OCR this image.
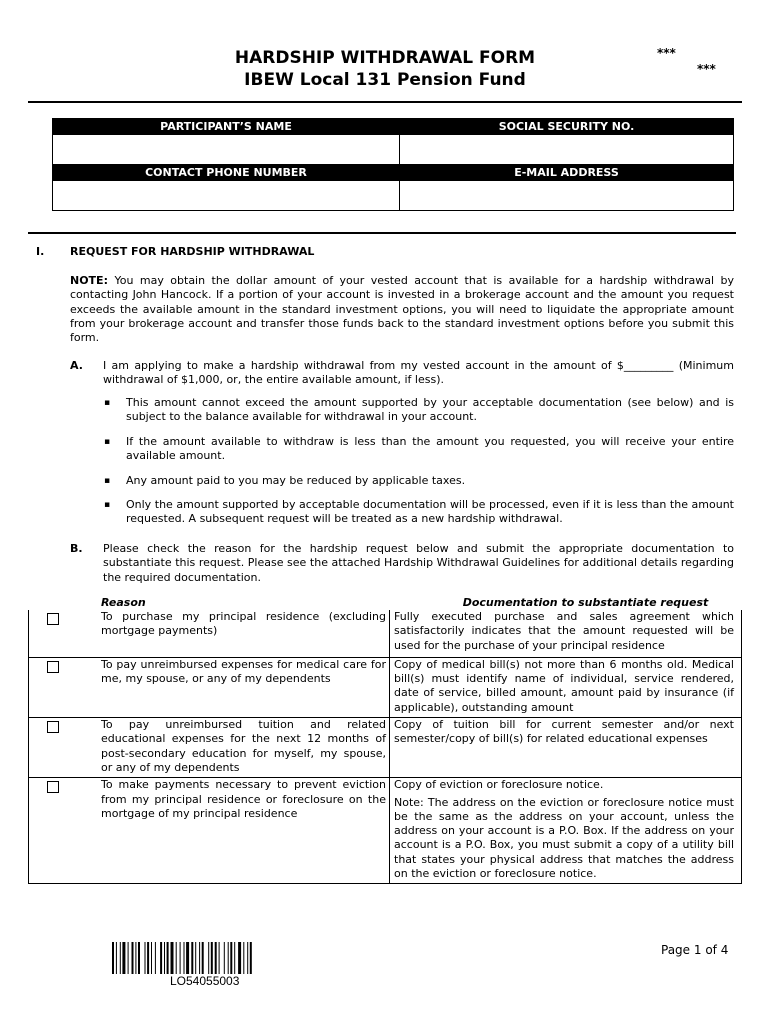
HARDSHIP WITHDRAWAL FORM
IBEW Local 131 Pension Fund
***
***
PARTICIPANT’S NAME	SOCIAL SECURITY NO.

CONTACT PHONE NUMBER	E-MAIL ADDRESS

I. REQUEST FOR HARDSHIP WITHDRAWAL
NOTE: You may obtain the dollar amount of your vested account that is available for a hardship withdrawal by contacting John Hancock. If a portion of your account is invested in a brokerage account and the amount you request exceeds the available amount in the standard investment options, you will need to liquidate the appropriate amount from your brokerage account and transfer those funds back to the standard investment options before you submit this form.
A. I am applying to make a hardship withdrawal from my vested account in the amount of $_________ (Minimum withdrawal of $1,000, or, the entire available amount, if less).
▪ This amount cannot exceed the amount supported by your acceptable documentation (see below) and is subject to the balance available for withdrawal in your account.
▪ If the amount available to withdraw is less than the amount you requested, you will receive your entire available amount.
▪ Any amount paid to you may be reduced by applicable taxes.
▪ Only the amount supported by acceptable documentation will be processed, even if it is less than the amount requested. A subsequent request will be treated as a new hardship withdrawal.
B. Please check the reason for the hardship request below and submit the appropriate documentation to substantiate this request. Please see the attached Hardship Withdrawal Guidelines for additional details regarding the required documentation.
	Reason	Documentation to substantiate request
	To purchase my principal residence (excluding mortgage payments)	Fully executed purchase and sales agreement which satisfactorily indicates that the amount requested will be used for the purchase of your principal residence
	To pay unreimbursed expenses for medical care for me, my spouse, or any of my dependents	Copy of medical bill(s) not more than 6 months old. Medical bill(s) must identify name of individual, service rendered, date of service, billed amount, amount paid by insurance (if applicable), outstanding amount
	To pay unreimbursed tuition and related educational expenses for the next 12 months of post-secondary education for myself, my spouse, or any of my dependents	Copy of tuition bill for current semester and/or next semester/copy of bill(s) for related educational expenses
	To make payments necessary to prevent eviction from my principal residence or foreclosure on the mortgage of my principal residence	Copy of eviction or foreclosure notice.
Note: The address on the eviction or foreclosure notice must be the same as the address on your account, unless the address on your account is a P.O. Box. If the address on your account is a P.O. Box, you must submit a copy of a utility bill that states your physical address that matches the address on the eviction or foreclosure notice.
LO54055003
Page 1 of 4
